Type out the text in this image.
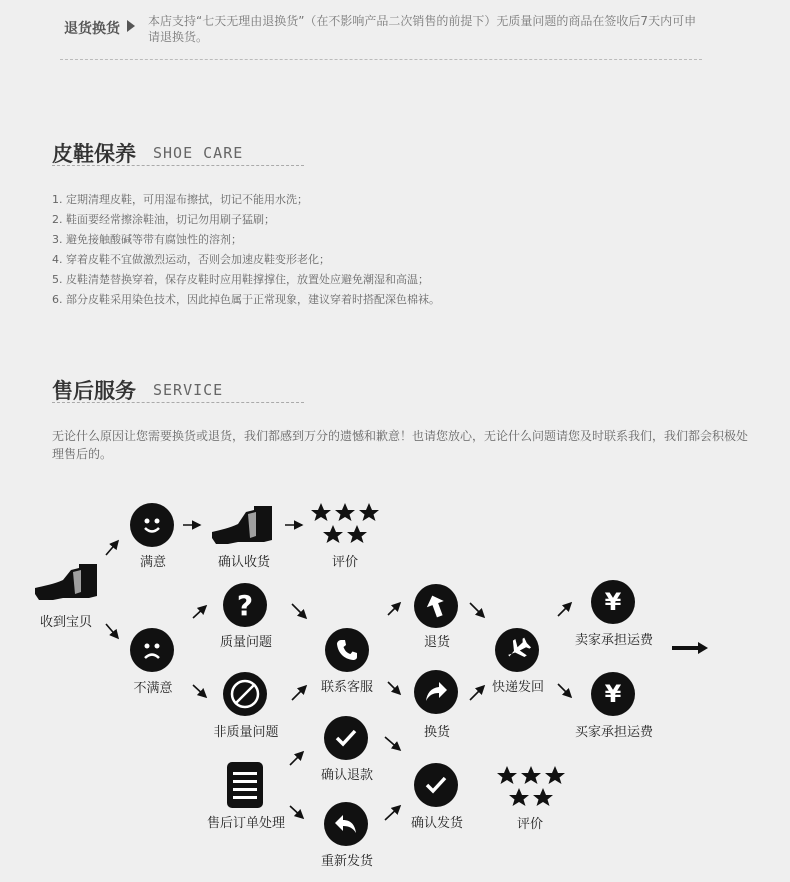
退货换货 本店支持“七天无理由退换货”（在不影响产品二次销售的前提下）无质量问题的商品在签收后7天内可申请退换货。
皮鞋保养 SHOE CARE
1. 定期清理皮鞋，可用湿布擦拭，切记不能用水洗；
2. 鞋面要经常擦涂鞋油，切记勿用刷子猛刷；
3. 避免接触酸碱等带有腐蚀性的溶剂；
4. 穿着皮鞋不宜做激烈运动，否则会加速皮鞋变形老化；
5. 皮鞋清楚替换穿着，保存皮鞋时应用鞋撑撑住，放置处应避免潮湿和高温；
6. 部分皮鞋采用染色技术，因此掉色属于正常现象，建议穿着时搭配深色棉袜。
售后服务 SERVICE
无论什么原因让您需要换货或退货，我们都感到万分的遗憾和歉意！也请您放心，无论什么问题请您及时联系我们，我们都会积极处理售后的。
收到宝贝
满意	确认收货	评价
不满意
?
质量问题
非质量问题
联系客服
退货
换货
快递发回
¥
卖家承担运费
¥
买家承担运费
确认退款
售后订单处理
重新发货
确认发货	评价
